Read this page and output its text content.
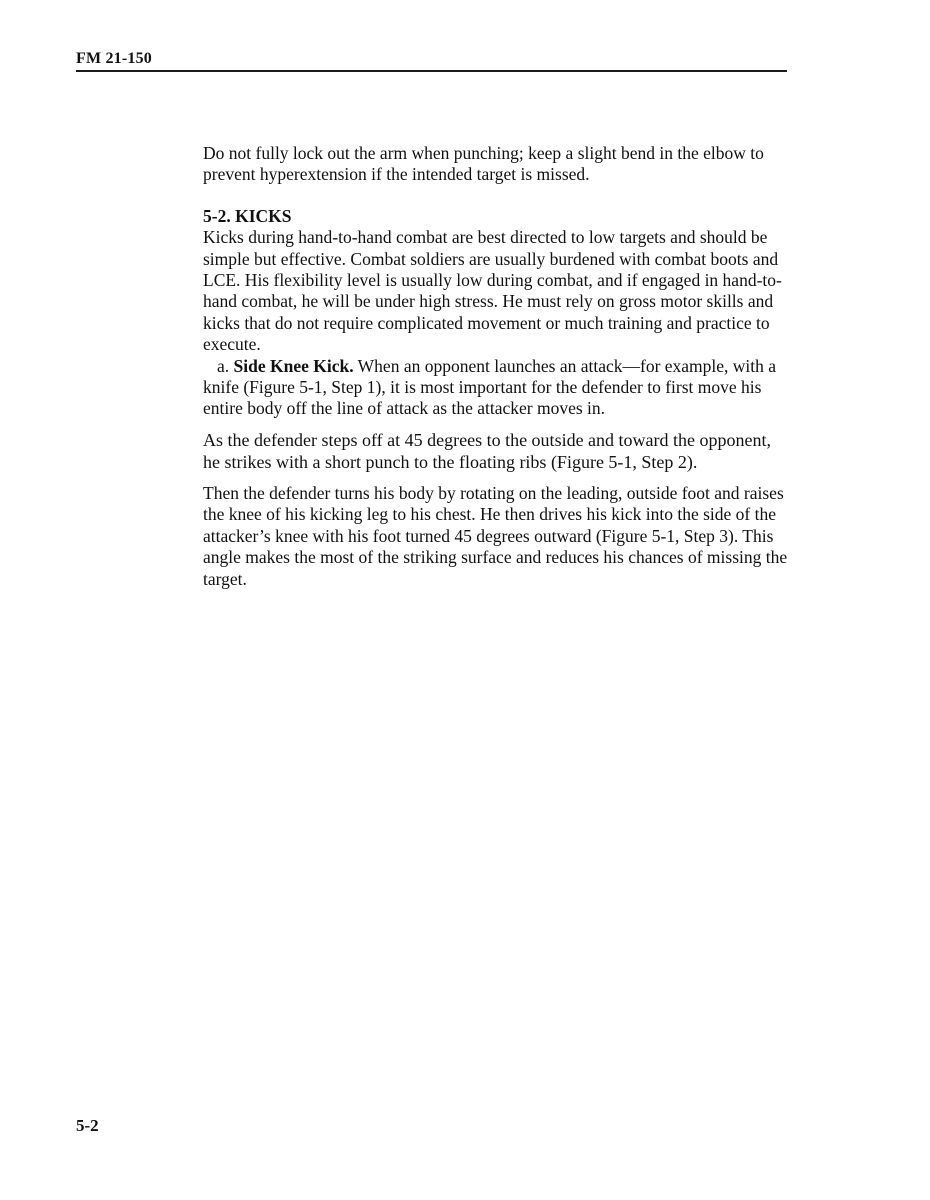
FM 21-150

Do not fully lock out the arm when punching; keep a slight bend in the elbow to prevent hyperextension if the intended target is missed.

5-2. KICKS

Kicks during hand-to-hand combat are best directed to low targets and should be simple but effective. Combat soldiers are usually burdened with combat boots and LCE. His flexibility level is usually low during combat, and if engaged in hand-to-hand combat, he will be under high stress. He must rely on gross motor skills and kicks that do not require complicated movement or much training and practice to execute.

a. Side Knee Kick. When an opponent launches an attack—for example, with a knife (Figure 5-1, Step 1), it is most important for the defender to first move his entire body off the line of attack as the attacker moves in.

As the defender steps off at 45 degrees to the outside and toward the opponent, he strikes with a short punch to the floating ribs (Figure 5-1, Step 2).

Then the defender turns his body by rotating on the leading, outside foot and raises the knee of his kicking leg to his chest. He then drives his kick into the side of the attacker’s knee with his foot turned 45 degrees outward (Figure 5-1, Step 3). This angle makes the most of the striking surface and reduces his chances of missing the target.

5-2
